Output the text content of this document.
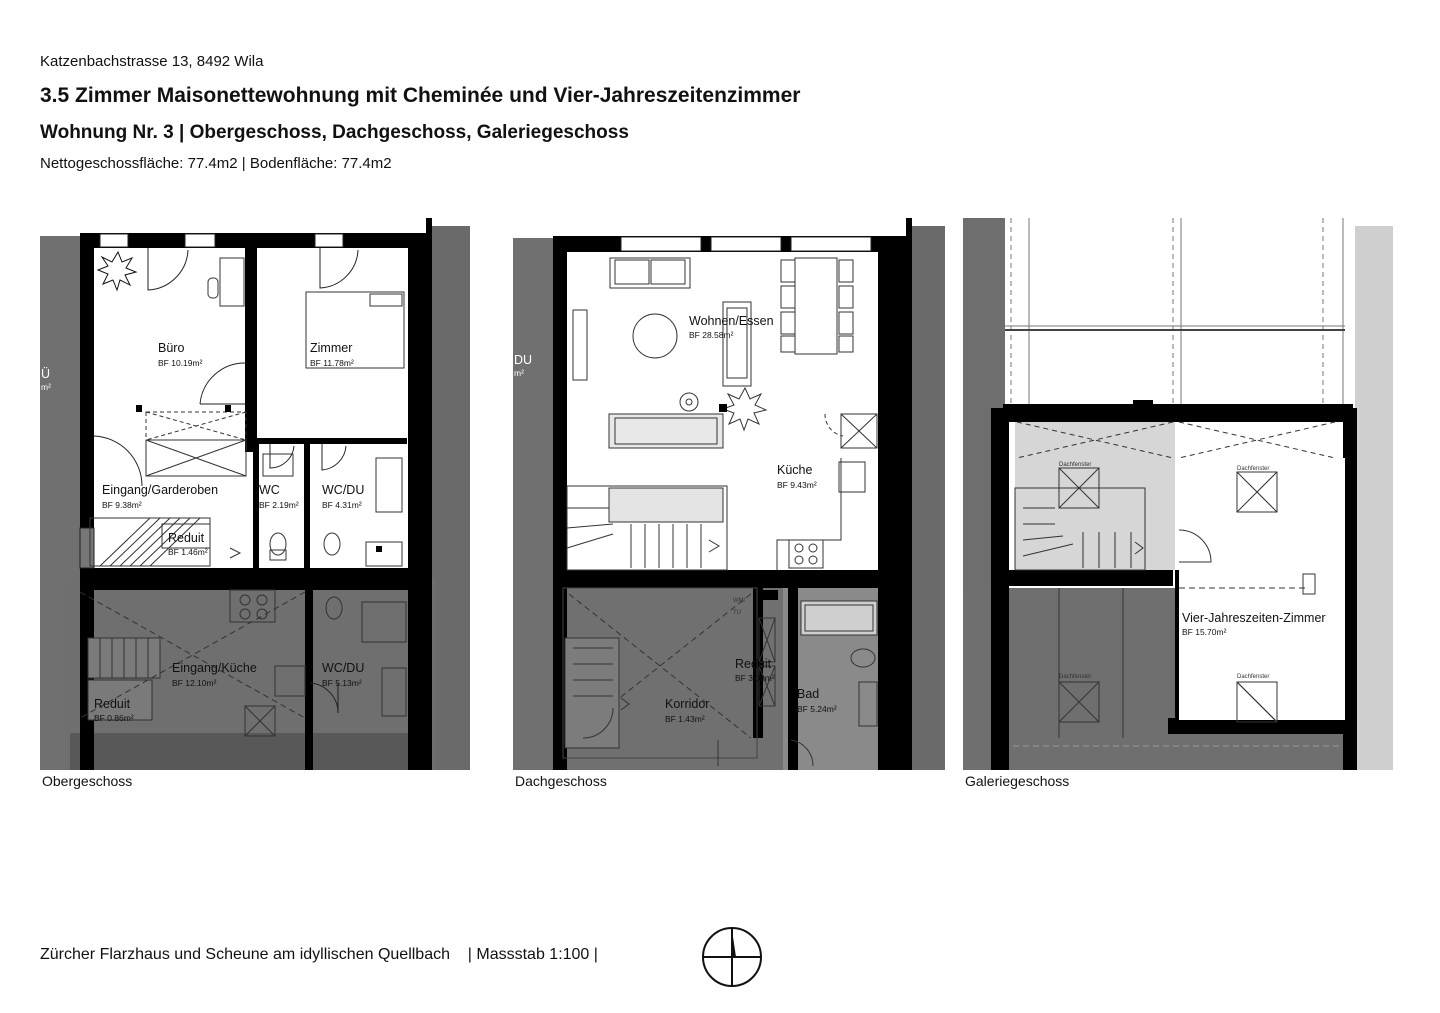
Katzenbachstrasse 13, 8492 Wila
3.5 Zimmer Maisonettewohnung mit Cheminée und Vier-Jahreszeitenzimmer
Wohnung Nr. 3 | Obergeschoss, Dachgeschoss, Galeriegeschoss
Nettogeschossfläche: 77.4m2 | Bodenfläche: 77.4m2
Büro
BF 10.19m²
Zimmer
BF 11.78m²
Eingang/Garderoben
BF 9.38m²
WC
BF 2.19m²
WC/DU
BF 4.31m²
Reduit
BF 1.46m²
Eingang/Küche
BF 12.10m²
WC/DU
BF 5.13m²
Reduit
BF 0.86m²
Ü
m²
Obergeschoss
Wohnen/Essen
BF 28.58m²
Küche
BF 9.43m²
Reduit
BF 3.00m²
Korridor
BF 1.43m²
Bad
BF 5.24m²
WM/
TU
DU
m²
Dachgeschoss
Dachfenster
Dachfenster
Dachfenster
Dachfenster
Vier-Jahreszeiten-Zimmer
BF 15.70m²
Galeriegeschoss
Zürcher Flarzhaus und Scheune am idyllischen Quellbach    | Massstab 1:100 |
